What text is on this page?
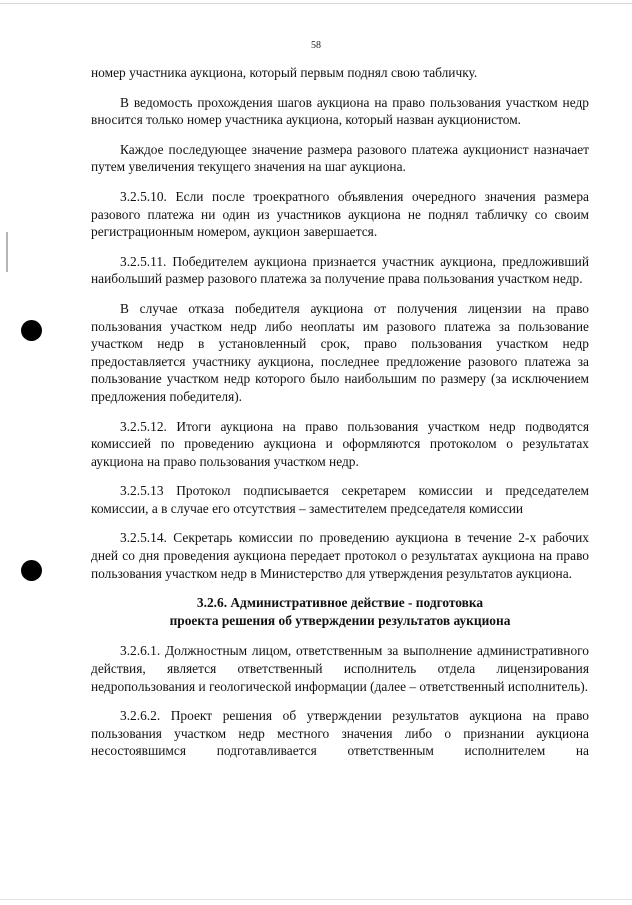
58

номер участника аукциона, который первым поднял свою табличку.

В ведомость прохождения шагов аукциона на право пользования участком недр вносится только номер участника аукциона, который назван аукционистом.

Каждое последующее значение размера разового платежа аукционист назначает путем увеличения текущего значения на шаг аукциона.

3.2.5.10. Если после троекратного объявления очередного значения размера разового платежа ни один из участников аукциона не поднял табличку со своим регистрационным номером, аукцион завершается.

3.2.5.11. Победителем аукциона признается участник аукциона, предложивший наибольший размер разового платежа за получение права пользования участком недр.

В случае отказа победителя аукциона от получения лицензии на право пользования участком недр либо неоплаты им разового платежа за пользование участком недр в установленный срок, право пользования участком недр предоставляется участнику аукциона, последнее предложение разового платежа за пользование участком недр которого было наибольшим по размеру (за исключением предложения победителя).

3.2.5.12. Итоги аукциона на право пользования участком недр подводятся комиссией по проведению аукциона и оформляются протоколом о результатах аукциона на право пользования участком недр.

3.2.5.13 Протокол подписывается секретарем комиссии и председателем комиссии, а в случае его отсутствия – заместителем председателя комиссии

3.2.5.14. Секретарь комиссии по проведению аукциона в течение 2-х рабочих дней со дня проведения аукциона передает протокол о результатах аукциона на право пользования участком недр в Министерство для утверждения результатов аукциона.

3.2.6. Административное действие - подготовка
проекта решения об утверждении результатов аукциона

3.2.6.1. Должностным лицом, ответственным за выполнение административного действия, является ответственный исполнитель отдела лицензирования недропользования и геологической информации (далее – ответственный исполнитель).

3.2.6.2. Проект решения об утверждении результатов аукциона на право пользования участком недр местного значения либо о признании аукциона несостоявшимся подготавливается ответственным исполнителем на
